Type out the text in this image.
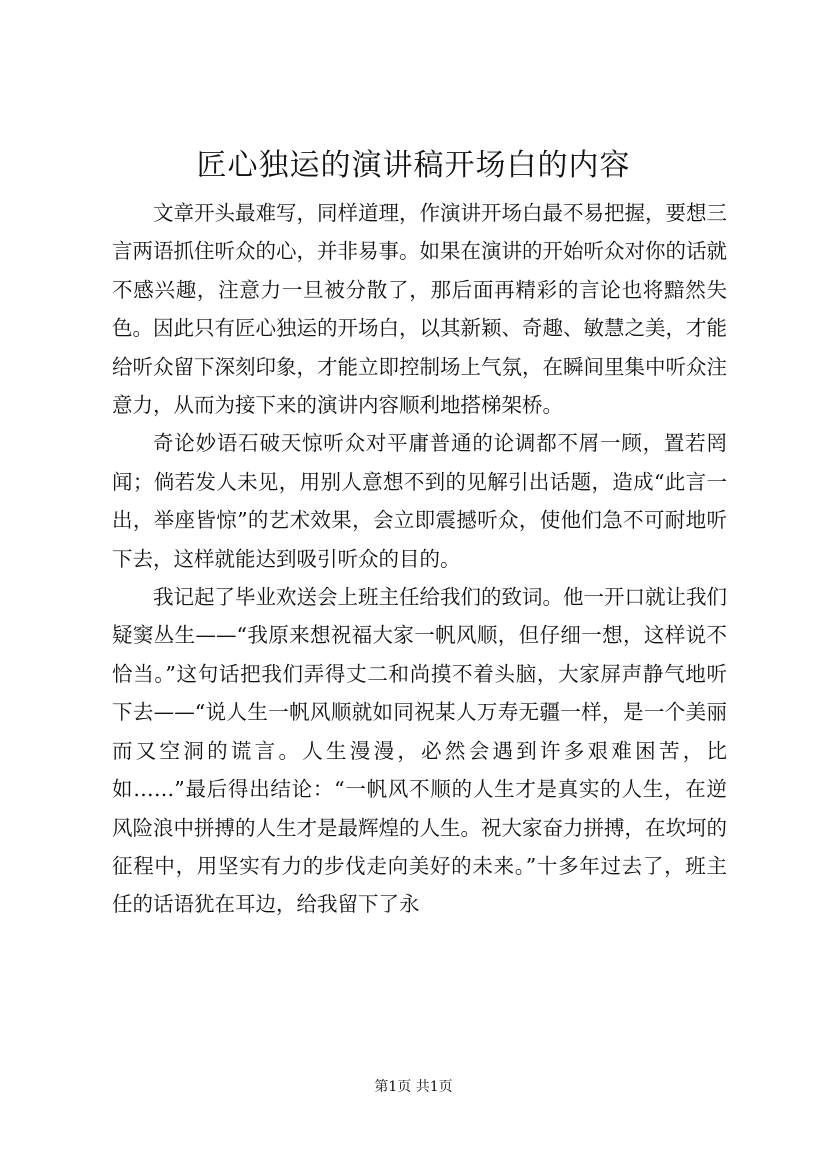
匠心独运的演讲稿开场白的内容

文章开头最难写，同样道理，作演讲开场白最不易把握，要想三言两语抓住听众的心，并非易事。如果在演讲的开始听众对你的话就不感兴趣，注意力一旦被分散了，那后面再精彩的言论也将黯然失色。因此只有匠心独运的开场白，以其新颖、奇趣、敏慧之美，才能给听众留下深刻印象，才能立即控制场上气氛，在瞬间里集中听众注意力，从而为接下来的演讲内容顺利地搭梯架桥。

奇论妙语石破天惊听众对平庸普通的论调都不屑一顾，置若罔闻；倘若发人未见，用别人意想不到的见解引出话题，造成“此言一出，举座皆惊”的艺术效果，会立即震撼听众，使他们急不可耐地听下去，这样就能达到吸引听众的目的。

我记起了毕业欢送会上班主任给我们的致词。他一开口就让我们疑窦丛生——“我原来想祝福大家一帆风顺，但仔细一想，这样说不恰当。”这句话把我们弄得丈二和尚摸不着头脑，大家屏声静气地听下去——“说人生一帆风顺就如同祝某人万寿无疆一样，是一个美丽而又空洞的谎言。人生漫漫，必然会遇到许多艰难困苦，比如……”最后得出结论：“一帆风不顺的人生才是真实的人生，在逆风险浪中拼搏的人生才是最辉煌的人生。祝大家奋力拼搏，在坎坷的征程中，用坚实有力的步伐走向美好的未来。”十多年过去了，班主任的话语犹在耳边，给我留下了永

第1页 共1页
